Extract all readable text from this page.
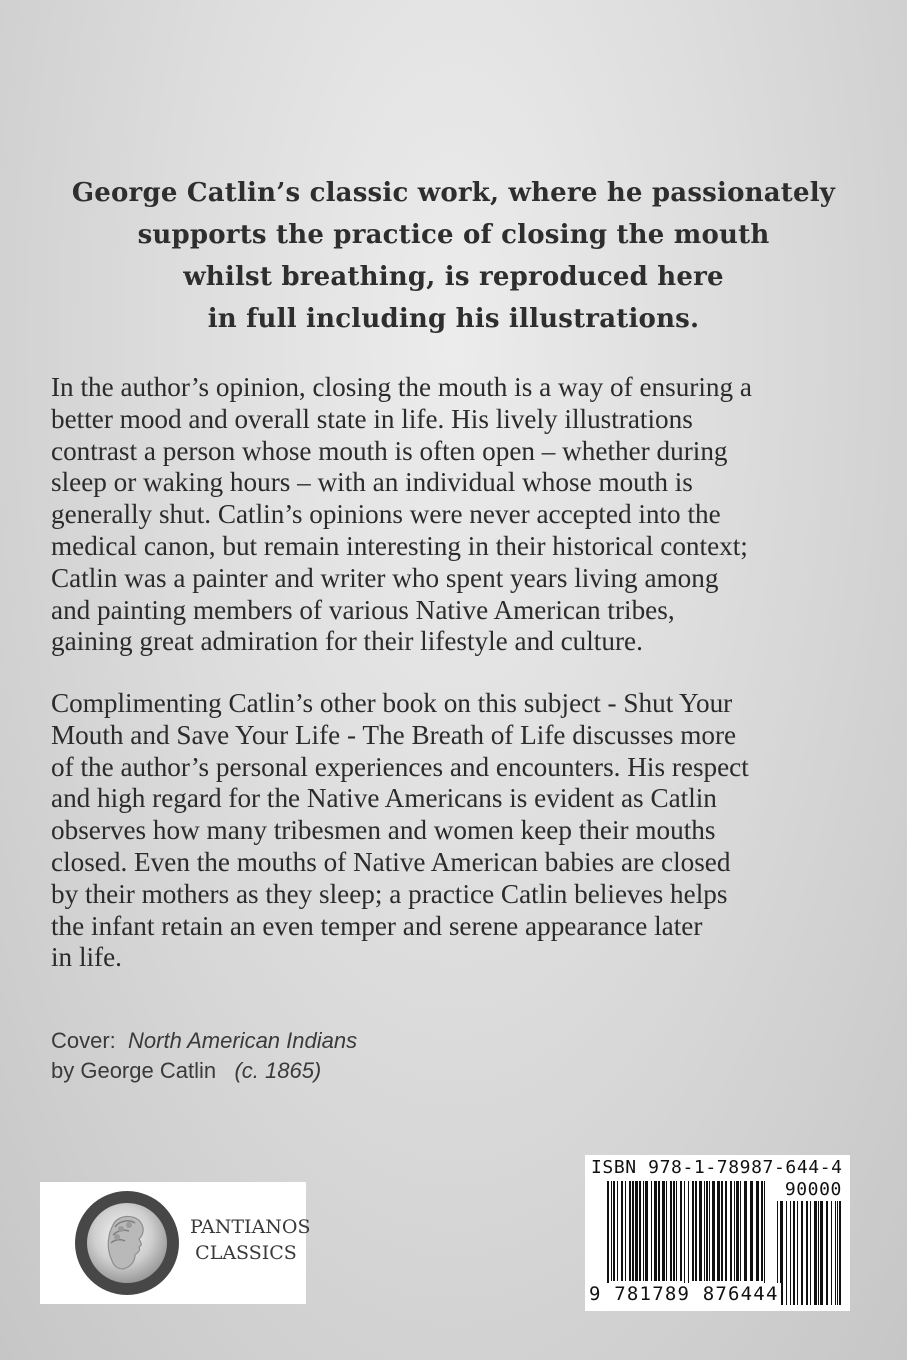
George Catlin’s classic work, where he passionately
supports the practice of closing the mouth
whilst breathing, is reproduced here
in full including his illustrations.
In the author’s opinion, closing the mouth is a way of ensuring a
better mood and overall state in life. His lively illustrations
contrast a person whose mouth is often open – whether during
sleep or waking hours – with an individual whose mouth is
generally shut. Catlin’s opinions were never accepted into the
medical canon, but remain interesting in their historical context;
Catlin was a painter and writer who spent years living among
and painting members of various Native American tribes,
gaining great admiration for their lifestyle and culture.
Complimenting Catlin’s other book on this subject - Shut Your
Mouth and Save Your Life - The Breath of Life discusses more
of the author’s personal experiences and encounters. His respect
and high regard for the Native Americans is evident as Catlin
observes how many tribesmen and women keep their mouths
closed. Even the mouths of Native American babies are closed
by their mothers as they sleep; a practice Catlin believes helps
the infant retain an even temper and serene appearance later
in life.
Cover:  North American Indians
by George Catlin   (c. 1865)
PANTIANOS
CLASSICS
ISBN 978-1-78987-644-4
90000
9 781789 876444
